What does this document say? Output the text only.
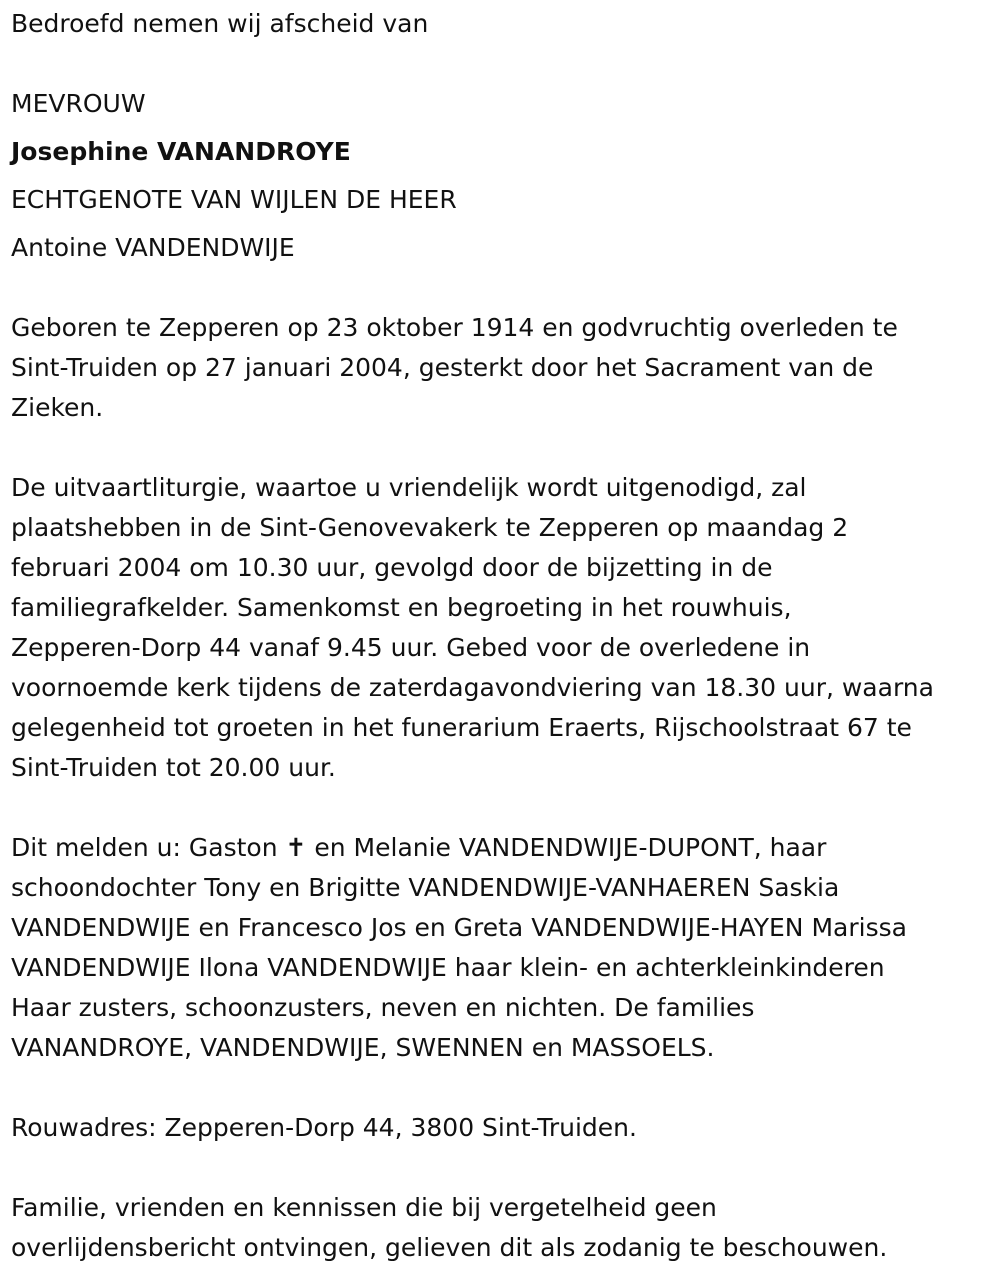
Bedroefd nemen wij afscheid van
MEVROUW
Josephine VANANDROYE
ECHTGENOTE VAN WIJLEN DE HEER
Antoine VANDENDWIJE
Geboren te Zepperen op 23 oktober 1914 en godvruchtig overleden te
Sint-Truiden op 27 januari 2004, gesterkt door het Sacrament van de
Zieken.
De uitvaartliturgie, waartoe u vriendelijk wordt uitgenodigd, zal
plaatshebben in de Sint-Genovevakerk te Zepperen op maandag 2
februari 2004 om 10.30 uur, gevolgd door de bijzetting in de
familiegrafkelder. Samenkomst en begroeting in het rouwhuis,
Zepperen-Dorp 44 vanaf 9.45 uur. Gebed voor de overledene in
voornoemde kerk tijdens de zaterdagavondviering van 18.30 uur, waarna
gelegenheid tot groeten in het funerarium Eraerts, Rijschoolstraat 67 te
Sint-Truiden tot 20.00 uur.
Dit melden u: Gaston ✝ en Melanie VANDENDWIJE-DUPONT, haar
schoondochter Tony en Brigitte VANDENDWIJE-VANHAEREN Saskia
VANDENDWIJE en Francesco Jos en Greta VANDENDWIJE-HAYEN Marissa
VANDENDWIJE Ilona VANDENDWIJE haar klein- en achterkleinkinderen
Haar zusters, schoonzusters, neven en nichten. De families
VANANDROYE, VANDENDWIJE, SWENNEN en MASSOELS.
Rouwadres: Zepperen-Dorp 44, 3800 Sint-Truiden.
Familie, vrienden en kennissen die bij vergetelheid geen
overlijdensbericht ontvingen, gelieven dit als zodanig te beschouwen.
